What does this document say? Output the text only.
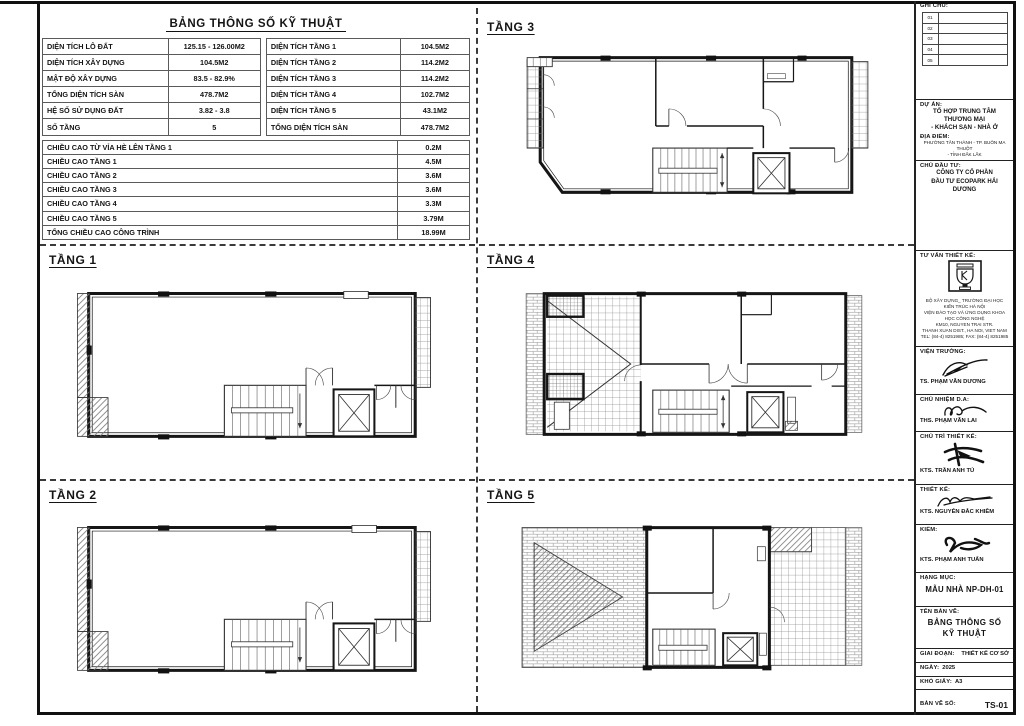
BẢNG THÔNG SỐ KỸ THUẬT
DIỆN TÍCH LÔ ĐẤT	125.15 - 126.00M2
DIỆN TÍCH XÂY DỰNG	104.5M2
MẬT ĐỘ XÂY DỰNG	83.5 - 82.9%
TỔNG DIỆN TÍCH SÀN	478.7M2
HỆ SỐ SỬ DỤNG ĐẤT	3.82 - 3.8
SỐ TẦNG	5
DIỆN TÍCH TẦNG 1	104.5M2
DIỆN TÍCH TẦNG 2	114.2M2
DIỆN TÍCH TẦNG 3	114.2M2
DIỆN TÍCH TẦNG 4	102.7M2
DIỆN TÍCH TẦNG 5	43.1M2
TỔNG DIỆN TÍCH SÀN	478.7M2
CHIỀU CAO TỪ VỈA HÈ LÊN TẦNG 1	0.2M
CHIỀU CAO TẦNG 1	4.5M
CHIỀU CAO TẦNG 2	3.6M
CHIỀU CAO TẦNG 3	3.6M
CHIỀU CAO TẦNG 4	3.3M
CHIỀU CAO TẦNG 5	3.79M
TỔNG CHIỀU CAO CÔNG TRÌNH	18.99M
TẦNG 3
TẦNG 1	TẦNG 4
TẦNG 2	TẦNG 5
GHI CHÚ:
01	
02	
03	
04	
05	
DỰ ÁN:
TỔ HỢP TRUNG TÂM THƯƠNG MẠI
- KHÁCH SẠN - NHÀ Ở
ĐỊA ĐIỂM:
PHƯỜNG TÂN THÀNH - TP. BUÔN MA THUỘT
- TỈNH ĐẮK LẮK
CHỦ ĐẦU TƯ:
CÔNG TY CỔ PHẦN
ĐẦU TƯ ECOPARK HẢI DƯƠNG
TƯ VẤN THIẾT KẾ:
BỘ XÂY DỰNG_ TRƯỜNG ĐẠI HỌC KIẾN TRÚC HÀ NỘI
VIỆN ĐÀO TẠO VÀ ỨNG DỤNG KHOA HỌC CÔNG NGHỆ
KM10, NGUYEN TRAI STR.
THANH XUAN DIST., HA NOI, VIET NAM
TEL: (84-4) 8251985; FAX: (84-4) 8251985
VIỆN TRƯỞNG:
TS. PHẠM VĂN DƯƠNG
CHỦ NHIỆM D.A:
THS. PHẠM VĂN LAI
CHỦ TRÌ THIẾT KẾ:
KTS. TRẦN ANH TÚ
THIẾT KẾ:
KTS. NGUYỄN ĐẮC KHIÊM
KIỂM:
KTS. PHẠM ANH TUẤN
HẠNG MỤC:
MẪU NHÀ NP-DH-01
TÊN BẢN VẼ:
BẢNG THÔNG SỐ
KỸ THUẬT
GIAI ĐOẠN: THIẾT KẾ CƠ SỞ
NGÀY: 2025
KHỔ GIẤY: A3
BẢN VẼ SỐ:	TS-01
